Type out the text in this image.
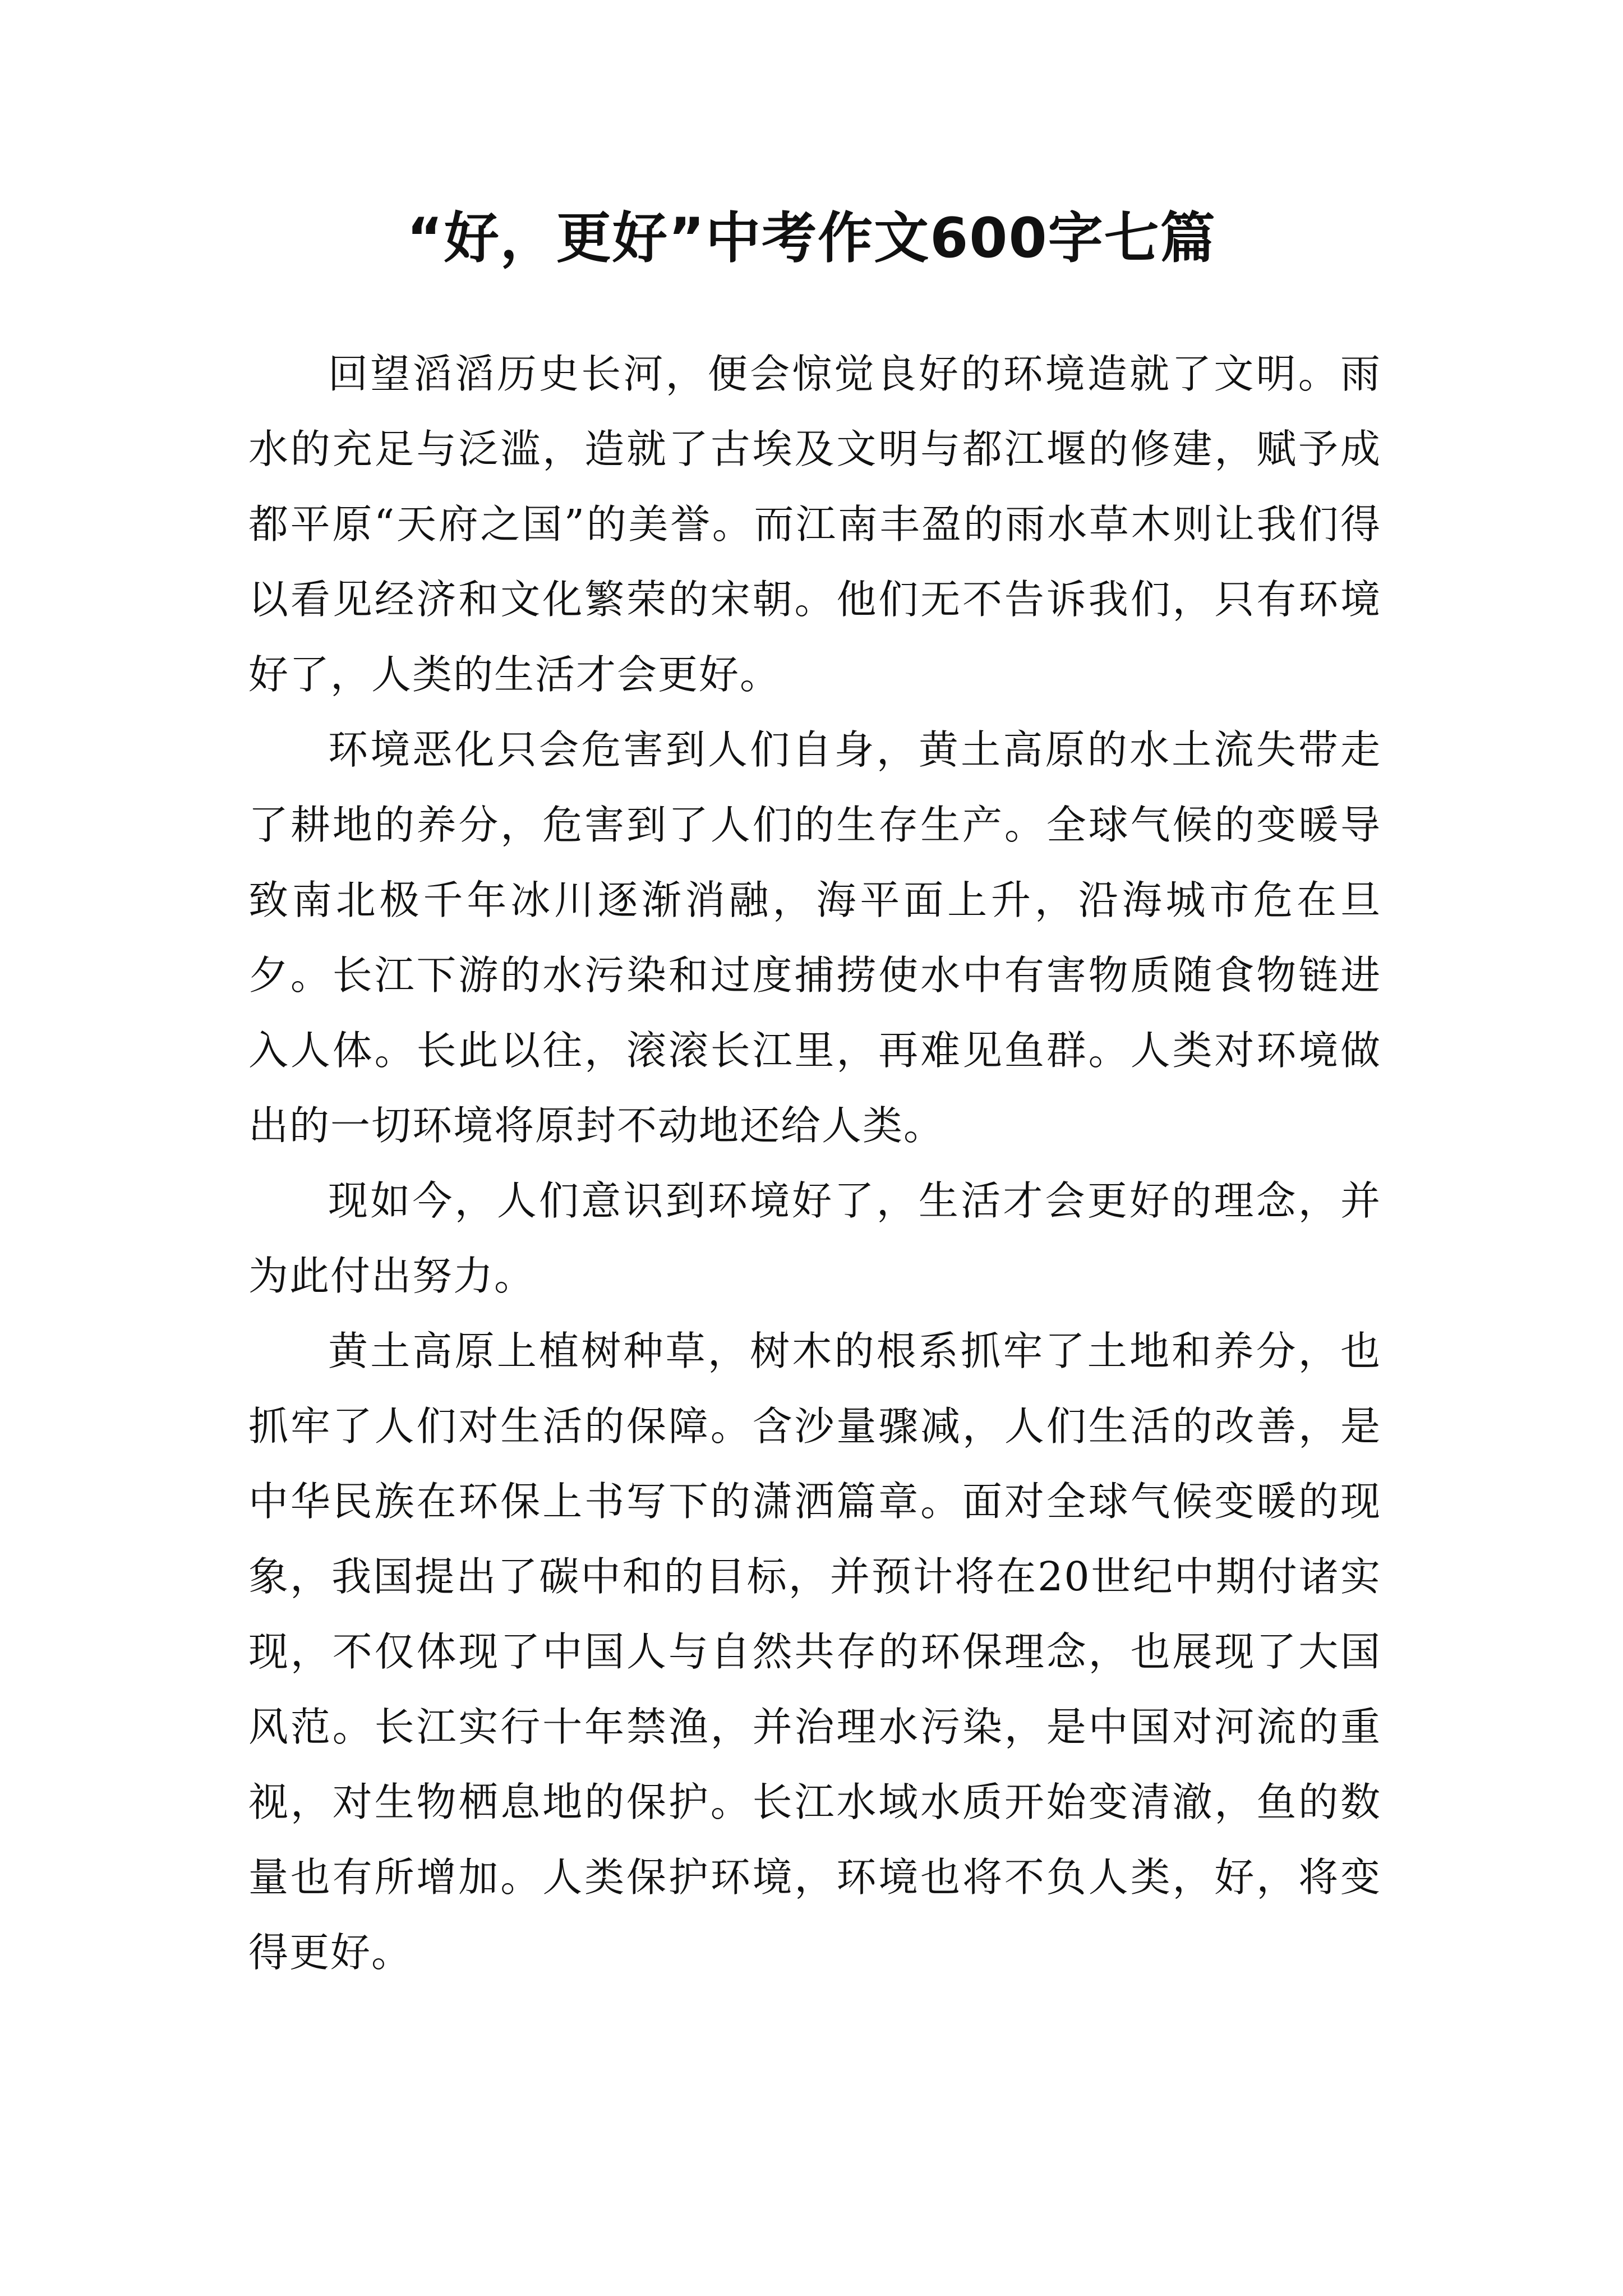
“好，更好”中考作文600字七篇

回望滔滔历史长河，便会惊觉良好的环境造就了文明。雨水的充足与泛滥，造就了古埃及文明与都江堰的修建，赋予成都平原“天府之国”的美誉。而江南丰盈的雨水草木则让我们得以看见经济和文化繁荣的宋朝。他们无不告诉我们，只有环境好了，人类的生活才会更好。

环境恶化只会危害到人们自身，黄土高原的水土流失带走了耕地的养分，危害到了人们的生存生产。全球气候的变暖导致南北极千年冰川逐渐消融，海平面上升，沿海城市危在旦夕。长江下游的水污染和过度捕捞使水中有害物质随食物链进入人体。长此以往，滚滚长江里，再难见鱼群。人类对环境做出的一切环境将原封不动地还给人类。

现如今，人们意识到环境好了，生活才会更好的理念，并为此付出努力。

黄土高原上植树种草，树木的根系抓牢了土地和养分，也抓牢了人们对生活的保障。含沙量骤减，人们生活的改善，是中华民族在环保上书写下的潇洒篇章。面对全球气候变暖的现象，我国提出了碳中和的目标，并预计将在20世纪中期付诸实现，不仅体现了中国人与自然共存的环保理念，也展现了大国风范。长江实行十年禁渔，并治理水污染，是中国对河流的重视，对生物栖息地的保护。长江水域水质开始变清澈，鱼的数量也有所增加。人类保护环境，环境也将不负人类，好，将变得更好。
